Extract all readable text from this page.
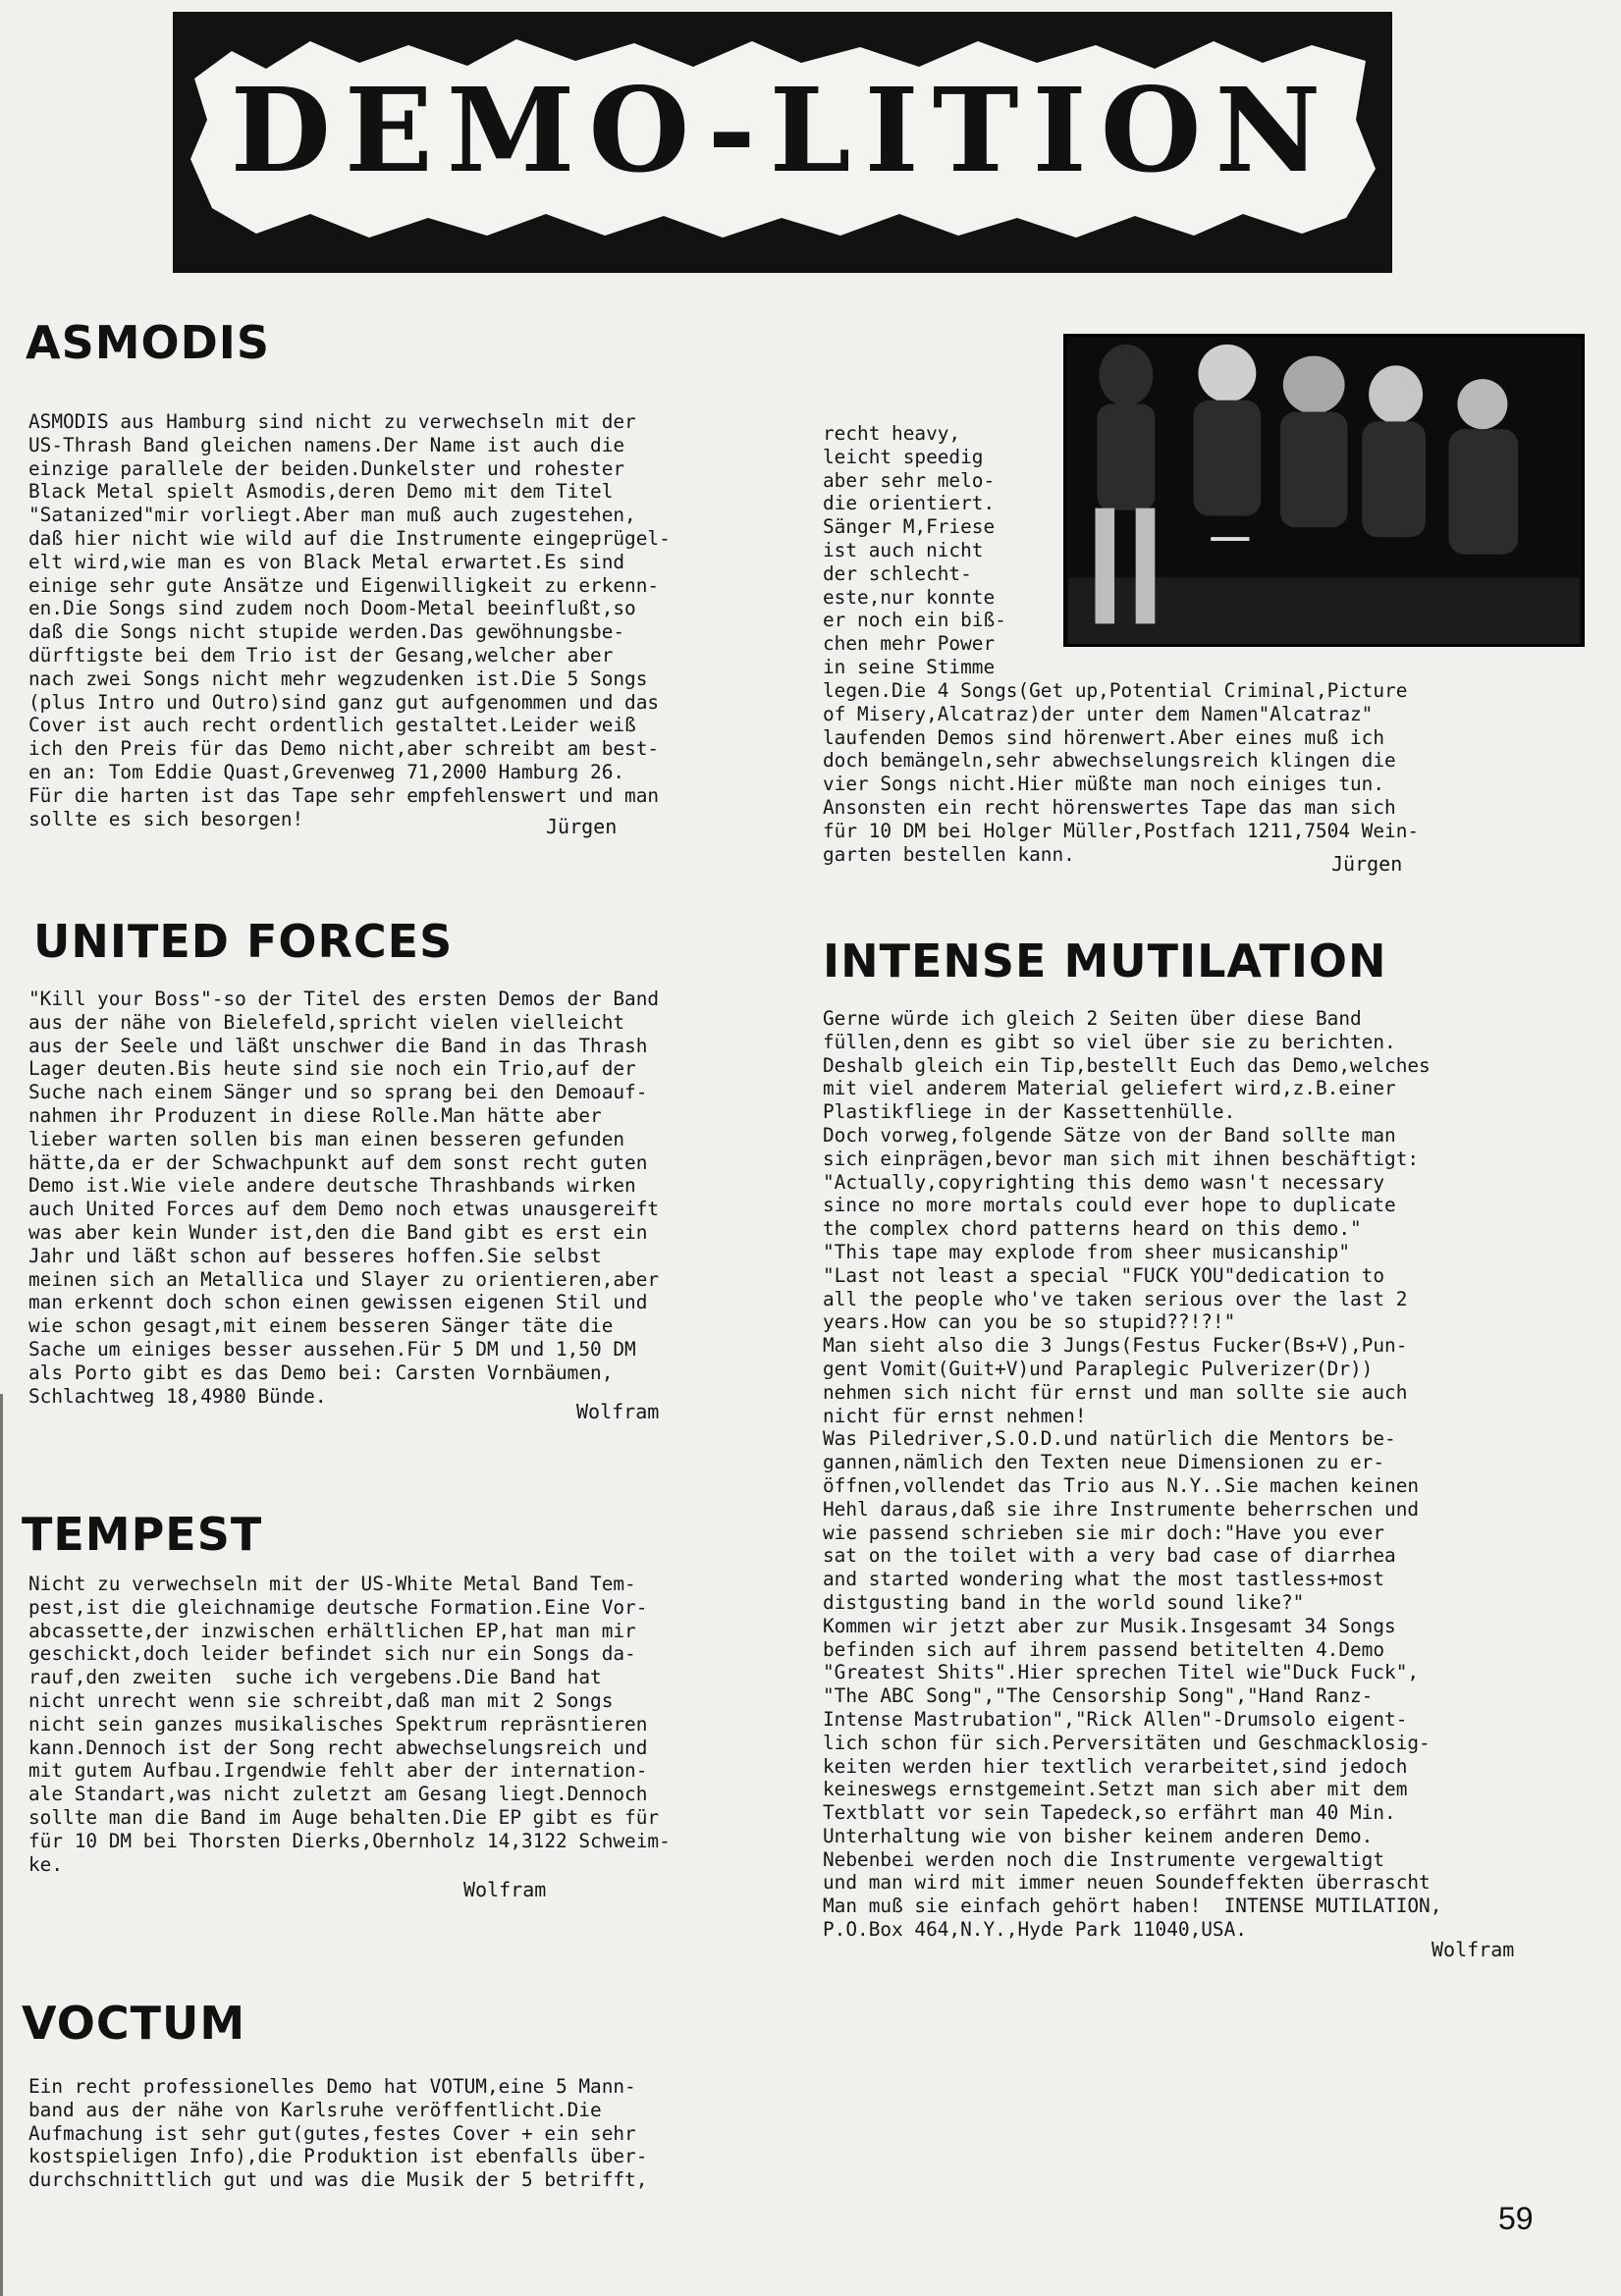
DEMO-LITION
ASMODIS

ASMODIS aus Hamburg sind nicht zu verwechseln mit der
US-Thrash Band gleichen namens.Der Name ist auch die
einzige parallele der beiden.Dunkelster und rohester
Black Metal spielt Asmodis,deren Demo mit dem Titel
"Satanized"mir vorliegt.Aber man muß auch zugestehen,
daß hier nicht wie wild auf die Instrumente eingeprügel-
elt wird,wie man es von Black Metal erwartet.Es sind
einige sehr gute Ansätze und Eigenwilligkeit zu erkenn-
en.Die Songs sind zudem noch Doom-Metal beeinflußt,so
daß die Songs nicht stupide werden.Das gewöhnungsbe-
dürftigste bei dem Trio ist der Gesang,welcher aber
nach zwei Songs nicht mehr wegzudenken ist.Die 5 Songs
(plus Intro und Outro)sind ganz gut aufgenommen und das
Cover ist auch recht ordentlich gestaltet.Leider weiß
ich den Preis für das Demo nicht,aber schreibt am best-
en an: Tom Eddie Quast,Grevenweg 71,2000 Hamburg 26.
Für die harten ist das Tape sehr empfehlenswert und man
sollte es sich besorgen!	Jürgen

recht heavy,
leicht speedig
aber sehr melo-
die orientiert.
Sänger M,Friese
ist auch nicht
der schlecht-
este,nur konnte
er noch ein biß-
chen mehr Power
in seine Stimme

legen.Die 4 Songs(Get up,Potential Criminal,Picture
of Misery,Alcatraz)der unter dem Namen"Alcatraz"
laufenden Demos sind hörenwert.Aber eines muß ich
doch bemängeln,sehr abwechselungsreich klingen die
vier Songs nicht.Hier müßte man noch einiges tun.
Ansonsten ein recht hörenswertes Tape das man sich
für 10 DM bei Holger Müller,Postfach 1211,7504 Wein-
garten bestellen kann.	Jürgen

UNITED FORCES

"Kill your Boss"-so der Titel des ersten Demos der Band
aus der nähe von Bielefeld,spricht vielen vielleicht
aus der Seele und läßt unschwer die Band in das Thrash
Lager deuten.Bis heute sind sie noch ein Trio,auf der
Suche nach einem Sänger und so sprang bei den Demoauf-
nahmen ihr Produzent in diese Rolle.Man hätte aber
lieber warten sollen bis man einen besseren gefunden
hätte,da er der Schwachpunkt auf dem sonst recht guten
Demo ist.Wie viele andere deutsche Thrashbands wirken
auch United Forces auf dem Demo noch etwas unausgereift
was aber kein Wunder ist,den die Band gibt es erst ein
Jahr und läßt schon auf besseres hoffen.Sie selbst
meinen sich an Metallica und Slayer zu orientieren,aber
man erkennt doch schon einen gewissen eigenen Stil und
wie schon gesagt,mit einem besseren Sänger täte die
Sache um einiges besser aussehen.Für 5 DM und 1,50 DM
als Porto gibt es das Demo bei: Carsten Vornbäumen,
Schlachtweg 18,4980 Bünde.

Wolfram

TEMPEST

Nicht zu verwechseln mit der US-White Metal Band Tem-
pest,ist die gleichnamige deutsche Formation.Eine Vor-
abcassette,der inzwischen erhältlichen EP,hat man mir
geschickt,doch leider befindet sich nur ein Songs da-
rauf,den zweiten  suche ich vergebens.Die Band hat
nicht unrecht wenn sie schreibt,daß man mit 2 Songs
nicht sein ganzes musikalisches Spektrum repräsntieren
kann.Dennoch ist der Song recht abwechselungsreich und
mit gutem Aufbau.Irgendwie fehlt aber der internation-
ale Standart,was nicht zuletzt am Gesang liegt.Dennoch
sollte man die Band im Auge behalten.Die EP gibt es für
für 10 DM bei Thorsten Dierks,Obernholz 14,3122 Schweim-
ke.

Wolfram

INTENSE MUTILATION

Gerne würde ich gleich 2 Seiten über diese Band
füllen,denn es gibt so viel über sie zu berichten.
Deshalb gleich ein Tip,bestellt Euch das Demo,welches
mit viel anderem Material geliefert wird,z.B.einer
Plastikfliege in der Kassettenhülle.
Doch vorweg,folgende Sätze von der Band sollte man
sich einprägen,bevor man sich mit ihnen beschäftigt:
"Actually,copyrighting this demo wasn't necessary
since no more mortals could ever hope to duplicate
the complex chord patterns heard on this demo."
"This tape may explode from sheer musicanship"
"Last not least a special "FUCK YOU"dedication to
all the people who've taken serious over the last 2
years.How can you be so stupid??!?!"
Man sieht also die 3 Jungs(Festus Fucker(Bs+V),Pun-
gent Vomit(Guit+V)und Paraplegic Pulverizer(Dr))
nehmen sich nicht für ernst und man sollte sie auch
nicht für ernst nehmen!
Was Piledriver,S.O.D.und natürlich die Mentors be-
gannen,nämlich den Texten neue Dimensionen zu er-
öffnen,vollendet das Trio aus N.Y..Sie machen keinen
Hehl daraus,daß sie ihre Instrumente beherrschen und
wie passend schrieben sie mir doch:"Have you ever
sat on the toilet with a very bad case of diarrhea
and started wondering what the most tastless+most
distgusting band in the world sound like?"
Kommen wir jetzt aber zur Musik.Insgesamt 34 Songs
befinden sich auf ihrem passend betitelten 4.Demo
"Greatest Shits".Hier sprechen Titel wie"Duck Fuck",
"The ABC Song","The Censorship Song","Hand Ranz-
Intense Mastrubation","Rick Allen"-Drumsolo eigent-
lich schon für sich.Perversitäten und Geschmacklosig-
keiten werden hier textlich verarbeitet,sind jedoch
keineswegs ernstgemeint.Setzt man sich aber mit dem
Textblatt vor sein Tapedeck,so erfährt man 40 Min.
Unterhaltung wie von bisher keinem anderen Demo.
Nebenbei werden noch die Instrumente vergewaltigt
und man wird mit immer neuen Soundeffekten überrascht
Man muß sie einfach gehört haben!  INTENSE MUTILATION,
P.O.Box 464,N.Y.,Hyde Park 11040,USA.

Wolfram

VOCTUM

Ein recht professionelles Demo hat VOTUM,eine 5 Mann-
band aus der nähe von Karlsruhe veröffentlicht.Die
Aufmachung ist sehr gut(gutes,festes Cover + ein sehr
kostspieligen Info),die Produktion ist ebenfalls über-
durchschnittlich gut und was die Musik der 5 betrifft,

59
